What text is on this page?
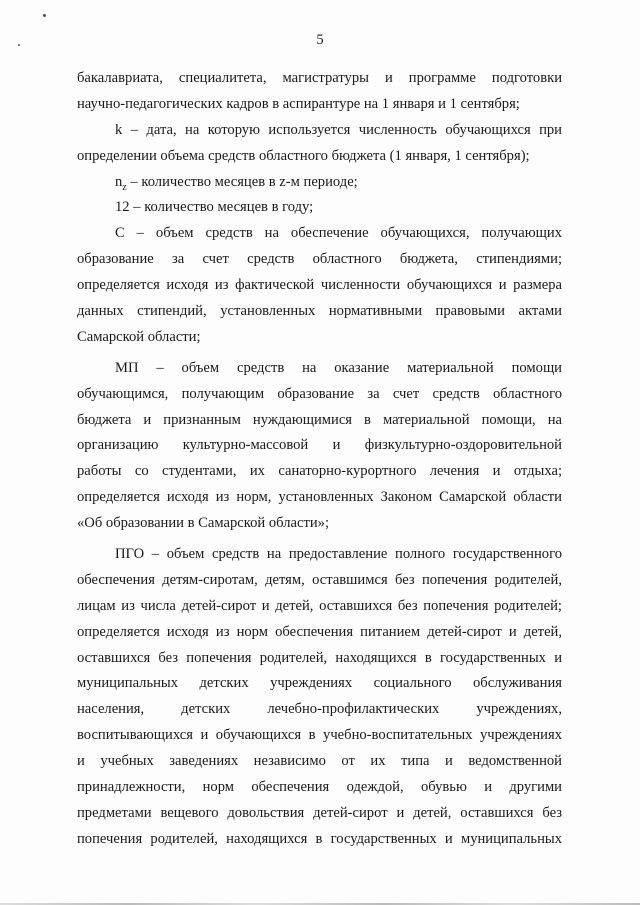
5
бакалавриата, специалитета, магистратуры и программе подготовки
научно-педагогических кадров в аспирантуре на 1 января и 1 сентября;
k – дата, на которую используется численность обучающихся при
определении объема средств областного бюджета (1 января, 1 сентября);
$n_z$ – количество месяцев в z-м периоде;
12 – количество месяцев в году;
С – объем средств на обеспечение обучающихся, получающих
образование за счет средств областного бюджета, стипендиями;
определяется исходя из фактической численности обучающихся и размера
данных стипендий, установленных нормативными правовыми актами
Самарской области;
МП – объем средств на оказание материальной помощи
обучающимся, получающим образование за счет средств областного
бюджета и признанным нуждающимися в материальной помощи, на
организацию культурно-массовой и физкультурно-оздоровительной
работы со студентами, их санаторно-курортного лечения и отдыха;
определяется исходя из норм, установленных Законом Самарской области
«Об образовании в Самарской области»;
ПГО – объем средств на предоставление полного государственного
обеспечения детям-сиротам, детям, оставшимся без попечения родителей,
лицам из числа детей-сирот и детей, оставшихся без попечения родителей;
определяется исходя из норм обеспечения питанием детей-сирот и детей,
оставшихся без попечения родителей, находящихся в государственных и
муниципальных детских учреждениях социального обслуживания
населения, детских лечебно-профилактических учреждениях,
воспитывающихся и обучающихся в учебно-воспитательных учреждениях
и учебных заведениях независимо от их типа и ведомственной
принадлежности, норм обеспечения одеждой, обувью и другими
предметами вещевого довольствия детей-сирот и детей, оставшихся без
попечения родителей, находящихся в государственных и муниципальных
